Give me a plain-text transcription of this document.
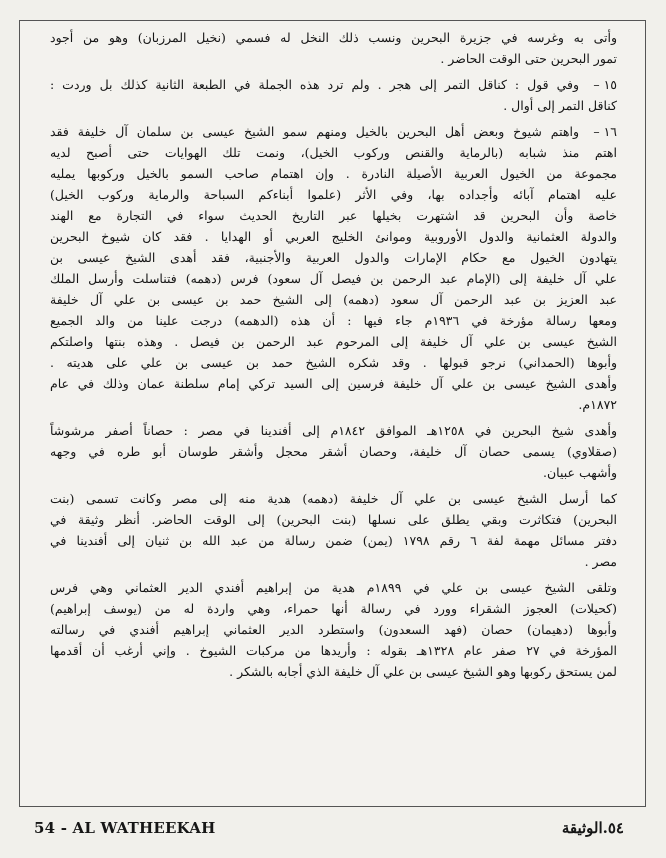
وأتى به وغرسه في جزيرة البحرين ونسب ذلك النخل له فسمي (نخيل المرزبان) وهو من أجود
تمور البحرين حتى الوقت الحاضر .
١٥ –
وفي قول : كناقل التمر إلى هجر . ولم ترد هذه الجملة في الطبعة الثانية كذلك بل وردت :
كناقل التمر إلى أوال .
١٦ –
واهتم شيوخ وبعض أهل البحرين بالخيل ومنهم سمو الشيخ عيسى بن سلمان آل خليفة فقد
اهتم منذ شبابه (بالرماية والقنص وركوب الخيل)، ونمت تلك الهوايات حتى أصبح لديه
مجموعة من الخيول العربية الأصيلة النادرة . وإن اهتمام صاحب السمو بالخيل وركوبها يمليه
عليه اهتمام آبائه وأجداده بها، وفي الأثر (علموا أبناءكم السباحة والرماية وركوب الخيل)
خاصة وأن البحرين قد اشتهرت بخيلها عبر التاريخ الحديث سواء في التجارة مع الهند
والدولة العثمانية والدول الأوروبية وموانئ الخليج العربي أو الهدايا . فقد كان شيوخ البحرين
يتهادون الخيول مع حكام الإمارات والدول العربية والأجنبية، فقد أهدى الشيخ عيسى بن
علي آل خليفة إلى (الإمام عبد الرحمن بن فيصل آل سعود) فرس (دهمه) فتناسلت وأرسل الملك
عبد العزيز بن عبد الرحمن آل سعود (دهمه) إلى الشيخ حمد بن عيسى بن علي آل خليفة
ومعها رسالة مؤرخة في ١٩٣٦م جاء فيها : أن هذه (الدهمه) درجت علينا من والد الجميع
الشيخ عيسى بن علي آل خليفة إلى المرحوم عبد الرحمن بن فيصل . وهذه بنتها واصلتكم
وأبوها (الحمداني) نرجو قبولها . وقد شكره الشيخ حمد بن عيسى بن علي على هديته .
وأهدى الشيخ عيسى بن علي آل خليفة فرسين إلى السيد تركي إمام سلطنة عمان وذلك في عام
١٨٧٢م.
وأهدى شيخ البحرين في ١٢٥٨هـ الموافق ١٨٤٢م إلى أفندينا في مصر : حصاناً أصفر مرشوشاً
(صقلاوي) يسمى حصان آل خليفة، وحصان أشقر محجل وأشقر طوسان أبو طره في وجهه
وأشهب عبيان.
كما أرسل الشيخ عيسى بن علي آل خليفة (دهمه) هدية منه إلى مصر وكانت تسمى (بنت
البحرين) فتكاثرت وبقي يطلق على نسلها (بنت البحرين) إلى الوقت الحاضر. أنظر وثيقة في
دفتر مسائل مهمة لفة ٦ رقم ١٧٩٨ (يمن) ضمن رسالة من عبد الله بن ثنيان إلى أفندينا في
مصر .
وتلقى الشيخ عيسى بن علي في ١٨٩٩م هدية من إبراهيم أفندي الدير العثماني وهي فرس
(كحيلات) العجوز الشقراء وورد في رسالة أنها حمراء، وهي واردة له من (يوسف إبراهيم)
وأبوها (دهيمان) حصان (فهد السعدون) واستطرد الدير العثماني إبراهيم أفندي في رسالته
المؤرخة في ٢٧ صفر عام ١٣٢٨هـ بقوله : وأريدها من مركبات الشيوخ . وإني أرغب أن أقدمها
لمن يستحق ركوبها وهو الشيخ عيسى بن علي آل خليفة الذي أجابه بالشكر .
54 - AL WATHEEKAH	٥٤.الوثيقة
